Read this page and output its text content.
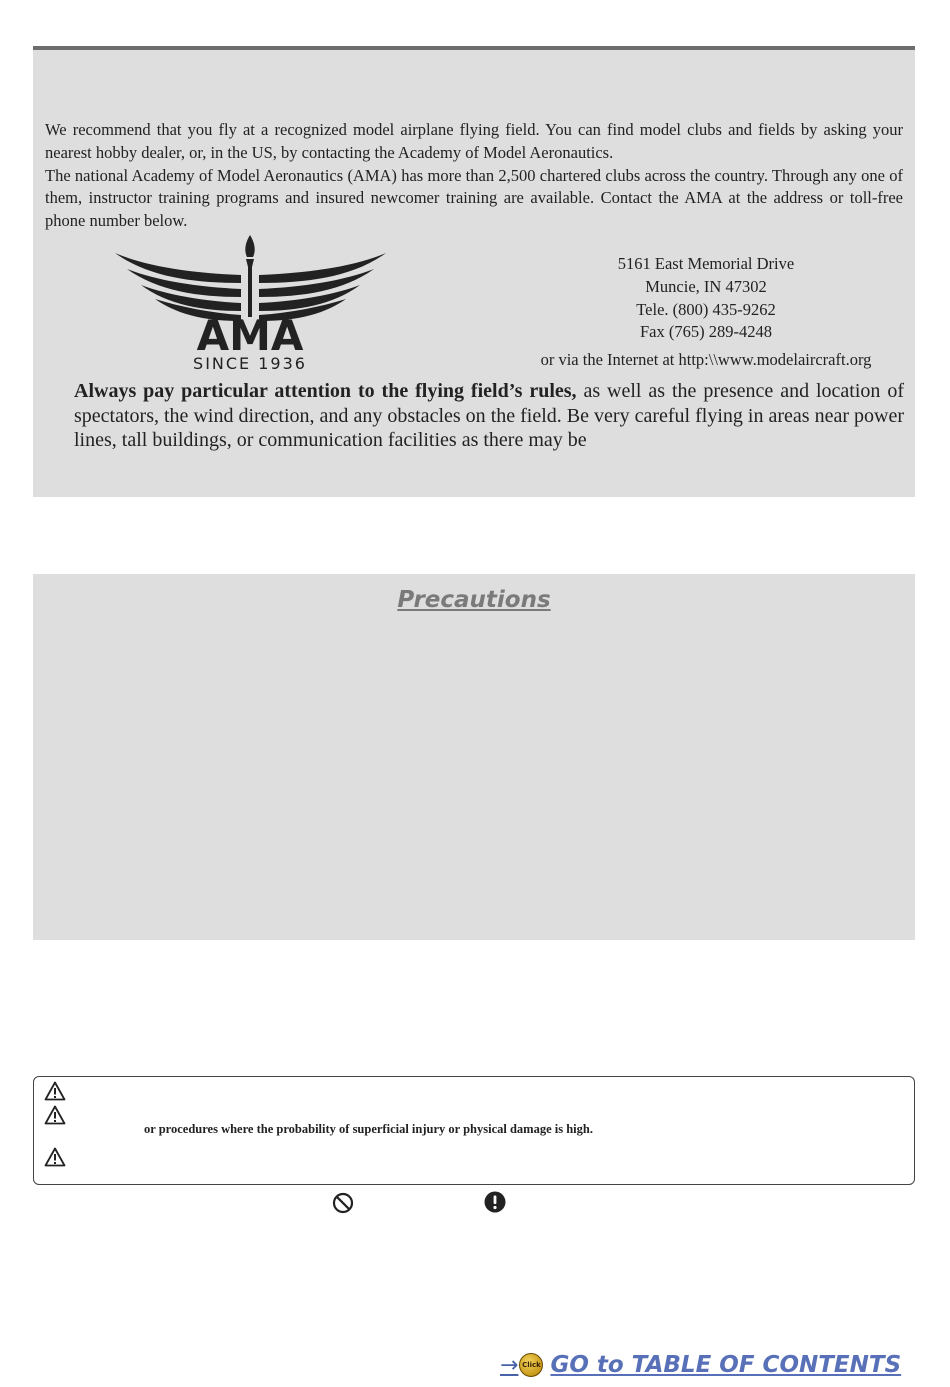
We recommend that you fly at a recognized model airplane flying field. You can find model clubs and fields by asking your nearest hobby dealer, or, in the US, by contacting the Academy of Model Aeronautics.

The national Academy of Model Aeronautics (AMA) has more than 2,500 chartered clubs across the country. Through any one of them, instructor training programs and insured newcomer training are available. Contact the AMA at the address or toll-free phone number below.

AMA
SINCE 1936
5161 East Memorial Drive
Muncie, IN 47302
Tele. (800) 435-9262
Fax (765) 289-4248
or via the Internet at http:\\www.modelaircraft.org

Always pay particular attention to the flying field’s rules, as well as the presence and location of spectators, the wind direction, and any obstacles on the field. Be very careful flying in areas near power lines, tall buildings, or communication facilities as there may be

Precautions
or procedures where the probability of superficial injury or physical damage is high.
→ Click GO to TABLE OF CONTENTS
